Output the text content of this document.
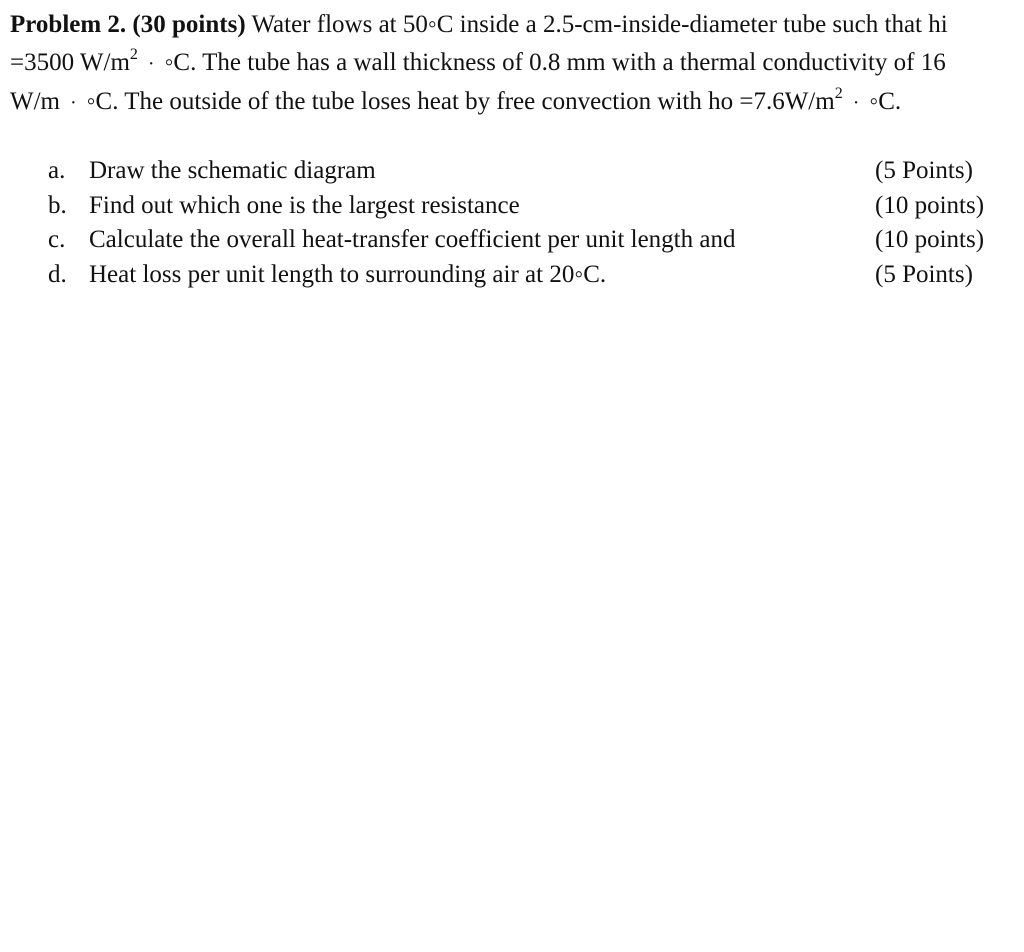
Problem 2. (30 points) Water flows at 50◦C inside a 2.5-cm-inside-diameter tube such that hi
=3500 $W/m^2$ · ◦C. The tube has a wall thickness of 0.8 mm with a thermal conductivity of 16
W/m · ◦C. The outside of the tube loses heat by free convection with ho $=7.6W/m^2$ · ◦C.
a. Draw the schematic diagram	(5 Points)
b. Find out which one is the largest resistance	(10 points)
c. Calculate the overall heat-transfer coefficient per unit length and	(10 points)
d. Heat loss per unit length to surrounding air at 20◦C.	(5 Points)
